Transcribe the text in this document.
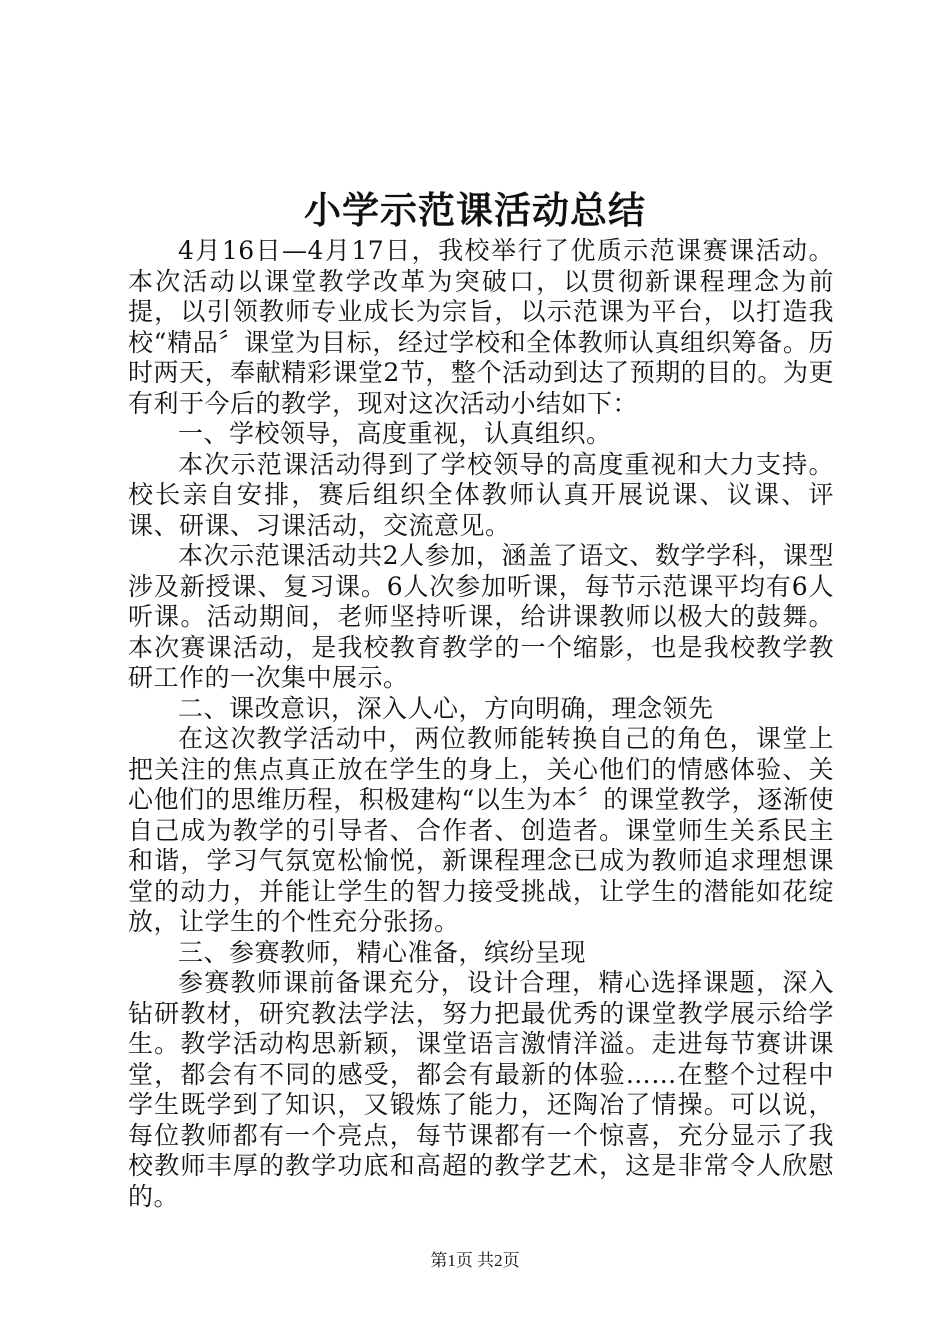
小学示范课活动总结

4月16日—4月17日，我校举行了优质示范课赛课活动。本次活动以课堂教学改革为突破口，以贯彻新课程理念为前提，以引领教师专业成长为宗旨，以示范课为平台，以打造我校“精品〞课堂为目标，经过学校和全体教师认真组织筹备。历时两天，奉献精彩课堂2节，整个活动到达了预期的目的。为更有利于今后的教学，现对这次活动小结如下：

一、学校领导，高度重视，认真组织。

本次示范课活动得到了学校领导的高度重视和大力支持。校长亲自安排，赛后组织全体教师认真开展说课、议课、评课、研课、习课活动，交流意见。

本次示范课活动共2人参加，涵盖了语文、数学学科，课型涉及新授课、复习课。6人次参加听课，每节示范课平均有6人听课。活动期间，老师坚持听课，给讲课教师以极大的鼓舞。本次赛课活动，是我校教育教学的一个缩影，也是我校教学教研工作的一次集中展示。

二、课改意识，深入人心，方向明确，理念领先

在这次教学活动中，两位教师能转换自己的角色，课堂上把关注的焦点真正放在学生的身上，关心他们的情感体验、关心他们的思维历程，积极建构“以生为本〞的课堂教学，逐渐使自己成为教学的引导者、合作者、创造者。课堂师生关系民主和谐，学习气氛宽松愉悦，新课程理念已成为教师追求理想课堂的动力，并能让学生的智力接受挑战，让学生的潜能如花绽放，让学生的个性充分张扬。

三、参赛教师，精心准备，缤纷呈现

参赛教师课前备课充分，设计合理，精心选择课题，深入钻研教材，研究教法学法，努力把最优秀的课堂教学展示给学生。教学活动构思新颖，课堂语言激情洋溢。走进每节赛讲课堂，都会有不同的感受，都会有最新的体验……在整个过程中学生既学到了知识，又锻炼了能力，还陶冶了情操。可以说，每位教师都有一个亮点，每节课都有一个惊喜，充分显示了我校教师丰厚的教学功底和高超的教学艺术，这是非常令人欣慰的。

第1页 共2页
